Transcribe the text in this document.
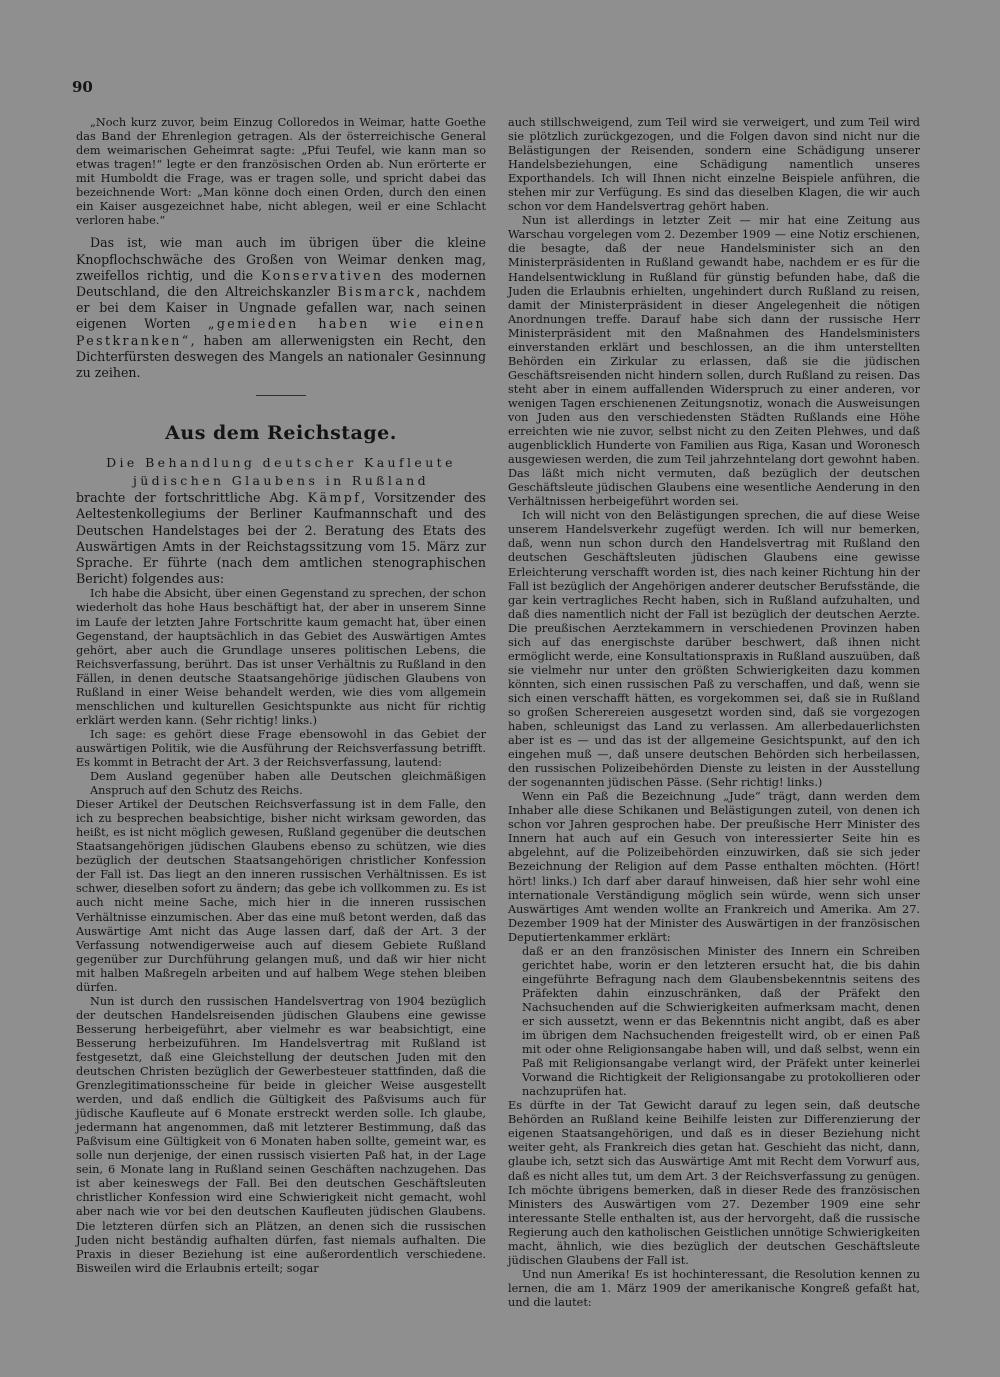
90

„Noch kurz zuvor, beim Einzug Colloredos in Weimar, hatte Goethe das Band der Ehrenlegion getragen. Als der österreichische General dem weimarischen Geheimrat sagte: „Pfui Teufel, wie kann man so etwas tragen!“ legte er den französischen Orden ab. Nun erörterte er mit Humboldt die Frage, was er tragen solle, und spricht dabei das bezeichnende Wort: „Man könne doch einen Orden, durch den einen ein Kaiser ausgezeichnet habe, nicht ablegen, weil er eine Schlacht verloren habe.“

Das ist, wie man auch im übrigen über die kleine Knopflochschwäche des Großen von Weimar denken mag, zweifellos richtig, und die Konservativen des modernen Deutschland, die den Altreichskanzler Bismarck, nachdem er bei dem Kaiser in Ungnade gefallen war, nach seinen eigenen Worten „gemieden haben wie einen Pestkranken“, haben am allerwenigsten ein Recht, den Dichterfürsten deswegen des Mangels an nationaler Gesinnung zu zeihen.

Aus dem Reichstage.

Die Behandlung deutscher Kaufleute

jüdischen Glaubens in Rußland

brachte der fortschrittliche Abg. Kämpf, Vorsitzender des Aeltestenkollegiums der Berliner Kaufmannschaft und des Deutschen Handelstages bei der 2. Beratung des Etats des Auswärtigen Amts in der Reichstagssitzung vom 15. März zur Sprache. Er führte (nach dem amtlichen stenographischen Bericht) folgendes aus:

Ich habe die Absicht, über einen Gegenstand zu sprechen, der schon wiederholt das hohe Haus beschäftigt hat, der aber in unserem Sinne im Laufe der letzten Jahre Fortschritte kaum gemacht hat, über einen Gegenstand, der hauptsächlich in das Gebiet des Auswärtigen Amtes gehört, aber auch die Grundlage unseres politischen Lebens, die Reichsverfassung, berührt. Das ist unser Verhältnis zu Rußland in den Fällen, in denen deutsche Staatsangehörige jüdischen Glaubens von Rußland in einer Weise behandelt werden, wie dies vom allgemein menschlichen und kulturellen Gesichtspunkte aus nicht für richtig erklärt werden kann. (Sehr richtig! links.)

Ich sage: es gehört diese Frage ebensowohl in das Gebiet der auswärtigen Politik, wie die Ausführung der Reichsverfassung betrifft. Es kommt in Betracht der Art. 3 der Reichsverfassung, lautend:

Dem Ausland gegenüber haben alle Deutschen gleichmäßigen Anspruch auf den Schutz des Reichs.

Dieser Artikel der Deutschen Reichsverfassung ist in dem Falle, den ich zu besprechen beabsichtige, bisher nicht wirksam geworden, das heißt, es ist nicht möglich gewesen, Rußland gegenüber die deutschen Staatsangehörigen jüdischen Glaubens ebenso zu schützen, wie dies bezüglich der deutschen Staatsangehörigen christlicher Konfession der Fall ist. Das liegt an den inneren russischen Verhältnissen. Es ist schwer, dieselben sofort zu ändern; das gebe ich vollkommen zu. Es ist auch nicht meine Sache, mich hier in die inneren russischen Verhältnisse einzumischen. Aber das eine muß betont werden, daß das Auswärtige Amt nicht das Auge lassen darf, daß der Art. 3 der Verfassung notwendigerweise auch auf diesem Gebiete Rußland gegenüber zur Durchführung gelangen muß, und daß wir hier nicht mit halben Maßregeln arbeiten und auf halbem Wege stehen bleiben dürfen.

Nun ist durch den russischen Handelsvertrag von 1904 bezüglich der deutschen Handelsreisenden jüdischen Glaubens eine gewisse Besserung herbeigeführt, aber vielmehr es war beabsichtigt, eine Besserung herbeizuführen. Im Handelsvertrag mit Rußland ist festgesetzt, daß eine Gleichstellung der deutschen Juden mit den deutschen Christen bezüglich der Gewerbesteuer stattfinden, daß die Grenzlegitimationsscheine für beide in gleicher Weise ausgestellt werden, und daß endlich die Gültigkeit des Paßvisums auch für jüdische Kaufleute auf 6 Monate erstreckt werden solle. Ich glaube, jedermann hat angenommen, daß mit letzterer Bestimmung, daß das Paßvisum eine Gültigkeit von 6 Monaten haben sollte, gemeint war, es solle nun derjenige, der einen russisch visierten Paß hat, in der Lage sein, 6 Monate lang in Rußland seinen Geschäften nachzugehen. Das ist aber keineswegs der Fall. Bei den deutschen Geschäftsleuten christlicher Konfession wird eine Schwierigkeit nicht gemacht, wohl aber nach wie vor bei den deutschen Kaufleuten jüdischen Glaubens. Die letzteren dürfen sich an Plätzen, an denen sich die russischen Juden nicht beständig aufhalten dürfen, fast niemals aufhalten. Die Praxis in dieser Beziehung ist eine außerordentlich verschiedene. Bisweilen wird die Erlaubnis erteilt; sogar

auch stillschweigend, zum Teil wird sie verweigert, und zum Teil wird sie plötzlich zurückgezogen, und die Folgen davon sind nicht nur die Belästigungen der Reisenden, sondern eine Schädigung unserer Handelsbeziehungen, eine Schädigung namentlich unseres Exporthandels. Ich will Ihnen nicht einzelne Beispiele anführen, die stehen mir zur Verfügung. Es sind das dieselben Klagen, die wir auch schon vor dem Handelsvertrag gehört haben.

Nun ist allerdings in letzter Zeit — mir hat eine Zeitung aus Warschau vorgelegen vom 2. Dezember 1909 — eine Notiz erschienen, die besagte, daß der neue Handelsminister sich an den Ministerpräsidenten in Rußland gewandt habe, nachdem er es für die Handelsentwicklung in Rußland für günstig befunden habe, daß die Juden die Erlaubnis erhielten, ungehindert durch Rußland zu reisen, damit der Ministerpräsident in dieser Angelegenheit die nötigen Anordnungen treffe. Darauf habe sich dann der russische Herr Ministerpräsident mit den Maßnahmen des Handelsministers einverstanden erklärt und beschlossen, an die ihm unterstellten Behörden ein Zirkular zu erlassen, daß sie die jüdischen Geschäftsreisenden nicht hindern sollen, durch Rußland zu reisen. Das steht aber in einem auffallenden Widerspruch zu einer anderen, vor wenigen Tagen erschienenen Zeitungsnotiz, wonach die Ausweisungen von Juden aus den verschiedensten Städten Rußlands eine Höhe erreichten wie nie zuvor, selbst nicht zu den Zeiten Plehwes, und daß augenblicklich Hunderte von Familien aus Riga, Kasan und Woronesch ausgewiesen werden, die zum Teil jahrzehntelang dort gewohnt haben. Das läßt mich nicht vermuten, daß bezüglich der deutschen Geschäftsleute jüdischen Glaubens eine wesentliche Aenderung in den Verhältnissen herbeigeführt worden sei.

Ich will nicht von den Belästigungen sprechen, die auf diese Weise unserem Handelsverkehr zugefügt werden. Ich will nur bemerken, daß, wenn nun schon durch den Handelsvertrag mit Rußland den deutschen Geschäftsleuten jüdischen Glaubens eine gewisse Erleichterung verschafft worden ist, dies nach keiner Richtung hin der Fall ist bezüglich der Angehörigen anderer deutscher Berufsstände, die gar kein vertragliches Recht haben, sich in Rußland aufzuhalten, und daß dies namentlich nicht der Fall ist bezüglich der deutschen Aerzte. Die preußischen Aerztekammern in verschiedenen Provinzen haben sich auf das energischste darüber beschwert, daß ihnen nicht ermöglicht werde, eine Konsultationspraxis in Rußland auszuüben, daß sie vielmehr nur unter den größten Schwierigkeiten dazu kommen könnten, sich einen russischen Paß zu verschaffen, und daß, wenn sie sich einen verschafft hätten, es vorgekommen sei, daß sie in Rußland so großen Scherereien ausgesetzt worden sind, daß sie vorgezogen haben, schleunigst das Land zu verlassen. Am allerbedauerlichsten aber ist es — und das ist der allgemeine Gesichtspunkt, auf den ich eingehen muß —, daß unsere deutschen Behörden sich herbeilassen, den russischen Polizeibehörden Dienste zu leisten in der Ausstellung der sogenannten jüdischen Pässe. (Sehr richtig! links.)

Wenn ein Paß die Bezeichnung „Jude“ trägt, dann werden dem Inhaber alle diese Schikanen und Belästigungen zuteil, von denen ich schon vor Jahren gesprochen habe. Der preußische Herr Minister des Innern hat auch auf ein Gesuch von interessierter Seite hin es abgelehnt, auf die Polizeibehörden einzuwirken, daß sie sich jeder Bezeichnung der Religion auf dem Passe enthalten möchten. (Hört! hört! links.) Ich darf aber darauf hinweisen, daß hier sehr wohl eine internationale Verständigung möglich sein würde, wenn sich unser Auswärtiges Amt wenden wollte an Frankreich und Amerika. Am 27. Dezember 1909 hat der Minister des Auswärtigen in der französischen Deputiertenkammer erklärt:

daß er an den französischen Minister des Innern ein Schreiben gerichtet habe, worin er den letzteren ersucht hat, die bis dahin eingeführte Befragung nach dem Glaubensbekenntnis seitens des Präfekten dahin einzuschränken, daß der Präfekt den Nachsuchenden auf die Schwierigkeiten aufmerksam macht, denen er sich aussetzt, wenn er das Bekenntnis nicht angibt, daß es aber im übrigen dem Nachsuchenden freigestellt wird, ob er einen Paß mit oder ohne Religionsangabe haben will, und daß selbst, wenn ein Paß mit Religionsangabe verlangt wird, der Präfekt unter keinerlei Vorwand die Richtigkeit der Religionsangabe zu protokollieren oder nachzuprüfen hat.

Es dürfte in der Tat Gewicht darauf zu legen sein, daß deutsche Behörden an Rußland keine Beihilfe leisten zur Differenzierung der eigenen Staatsangehörigen, und daß es in dieser Beziehung nicht weiter geht, als Frankreich dies getan hat. Geschieht das nicht, dann, glaube ich, setzt sich das Auswärtige Amt mit Recht dem Vorwurf aus, daß es nicht alles tut, um dem Art. 3 der Reichsverfassung zu genügen. Ich möchte übrigens bemerken, daß in dieser Rede des französischen Ministers des Auswärtigen vom 27. Dezember 1909 eine sehr interessante Stelle enthalten ist, aus der hervorgeht, daß die russische Regierung auch den katholischen Geistlichen unnötige Schwierigkeiten macht, ähnlich, wie dies bezüglich der deutschen Geschäftsleute jüdischen Glaubens der Fall ist.

Und nun Amerika! Es ist hochinteressant, die Resolution kennen zu lernen, die am 1. März 1909 der amerikanische Kongreß gefaßt hat, und die lautet:
